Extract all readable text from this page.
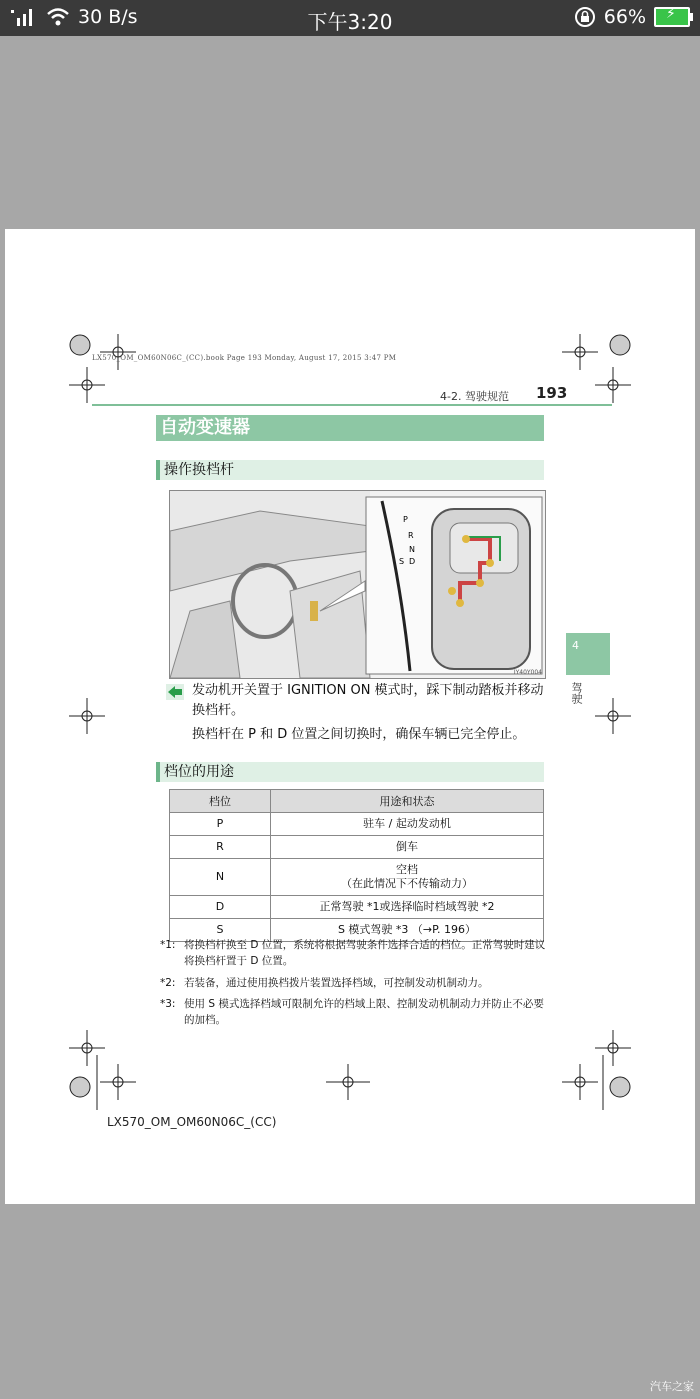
30 B/s	下午3:20	66% ⚡
LX570_OM_OM60N06C_(CC).book Page 193 Monday, August 17, 2015 3:47 PM
4-2. 驾驶规范 193
自动变速器
操作换档杆
P
R
N
D
S
IY40Y004
4
驾驶
发动机开关置于 IGNITION ON 模式时，踩下制动踏板并移动换档杆。
换档杆在 P 和 D 位置之间切换时，确保车辆已完全停止。
档位的用途
档位	用途和状态
P	驻车 / 起动发动机
R	倒车
N	空档
（在此情况下不传输动力）

D	正常驾驶 *1或选择临时档域驾驶 *2
S	S 模式驾驶 *3 （→P. 196）
*1: 将换档杆换至 D 位置，系统将根据驾驶条件选择合适的档位。正常驾驶时建议将换档杆置于 D 位置。
*2: 若装备，通过使用换档拨片装置选择档域，可控制发动机制动力。
*3: 使用 S 模式选择档域可限制允许的档域上限、控制发动机制动力并防止不必要的加档。
LX570_OM_OM60N06C_(CC)
汽车之家
